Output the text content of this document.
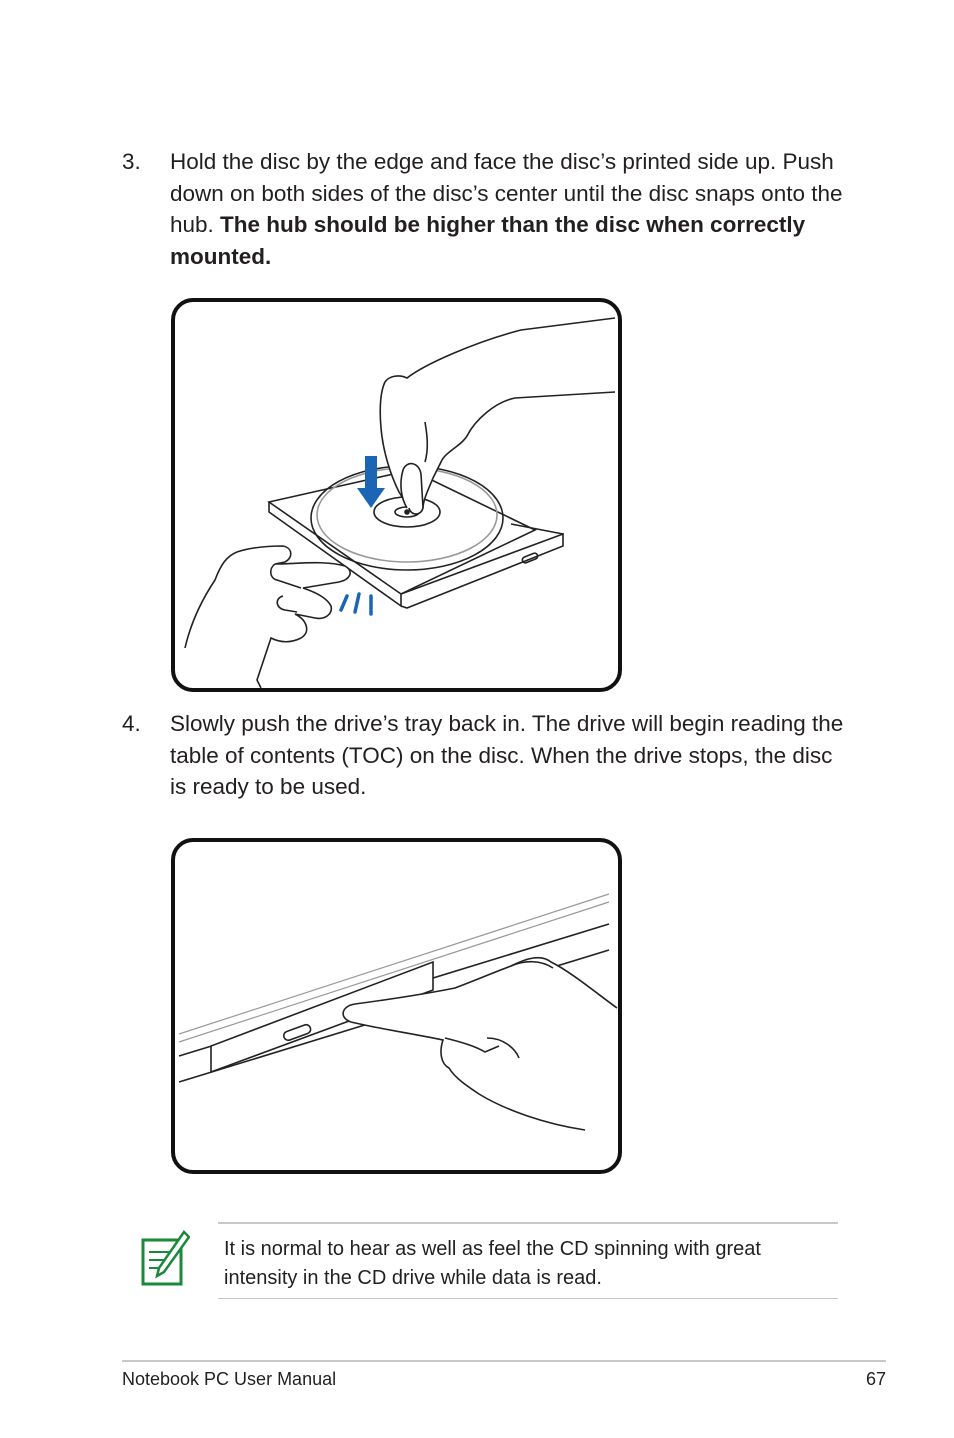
3. Hold the disc by the edge and face the disc’s printed side up. Push down on both sides of the disc’s center until the disc snaps onto the hub. The hub should be higher than the disc when correctly mounted.
4. Slowly push the drive’s tray back in. The drive will begin reading the table of contents (TOC) on the disc. When the drive stops, the disc is ready to be used.
It is normal to hear as well as feel the CD spinning with great intensity in the CD drive while data is read.
Notebook PC User Manual	67
